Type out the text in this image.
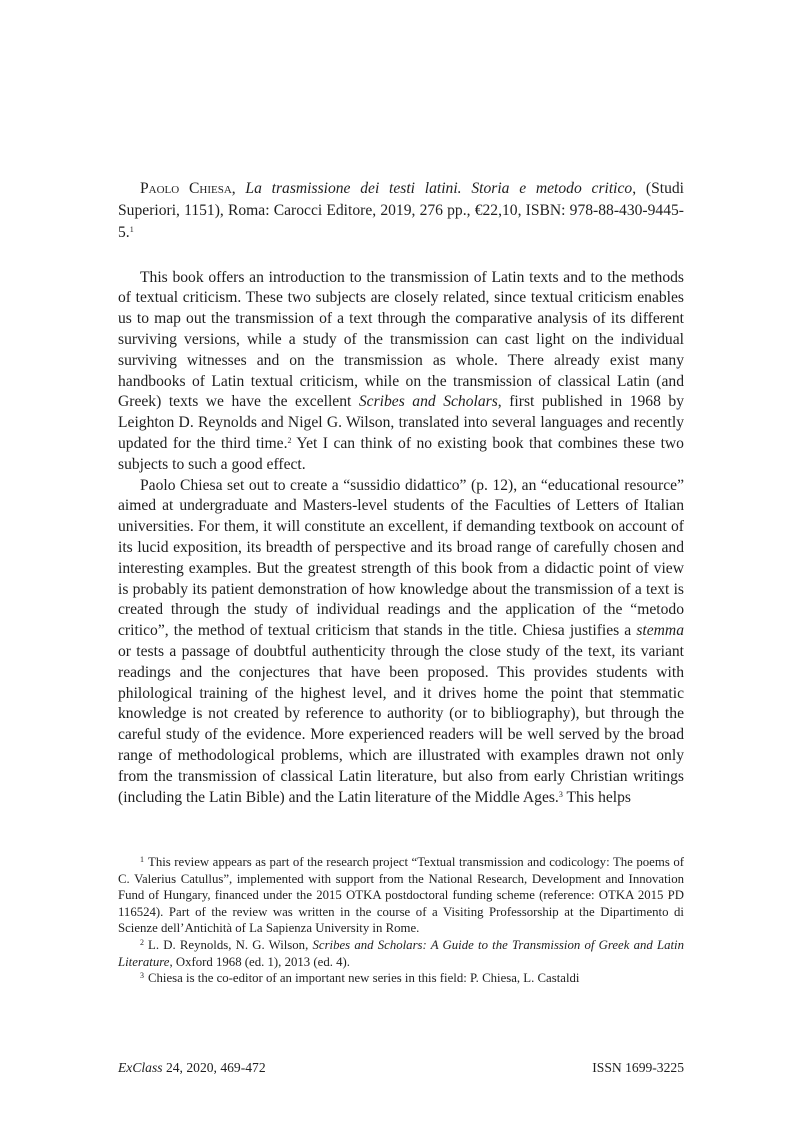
Paolo Chiesa, La trasmissione dei testi latini. Storia e metodo critico, (Studi Superiori, 1151), Roma: Carocci Editore, 2019, 276 pp., €22,10, ISBN: 978-88-430-9445-5.$^1$

This book offers an introduction to the transmission of Latin texts and to the methods of textual criticism. These two subjects are closely related, since textual criticism enables us to map out the transmission of a text through the comparative analysis of its different surviving versions, while a study of the transmission can cast light on the individual surviving witnesses and on the transmission as whole. There already exist many handbooks of Latin textual criticism, while on the transmission of classical Latin (and Greek) texts we have the excellent Scribes and Scholars, first published in 1968 by Leighton D. Reynolds and Nigel G. Wilson, translated into several languages and recently updated for the third time.$^2$ Yet I can think of no existing book that combines these two subjects to such a good effect.

Paolo Chiesa set out to create a “sussidio didattico” (p. 12), an “educational resource” aimed at undergraduate and Masters-level students of the Faculties of Letters of Italian universities. For them, it will constitute an excellent, if demanding textbook on account of its lucid exposition, its breadth of perspective and its broad range of carefully chosen and interesting examples. But the greatest strength of this book from a didactic point of view is probably its patient demonstration of how knowledge about the transmission of a text is created through the study of individual readings and the application of the “metodo critico”, the method of textual criticism that stands in the title. Chiesa justifies a stemma or tests a passage of doubtful authenticity through the close study of the text, its variant readings and the conjectures that have been proposed. This provides students with philological training of the highest level, and it drives home the point that stemmatic knowledge is not created by reference to authority (or to bibliography), but through the careful study of the evidence. More experienced readers will be well served by the broad range of methodological problems, which are illustrated with examples drawn not only from the transmission of classical Latin literature, but also from early Christian writings (including the Latin Bible) and the Latin literature of the Middle Ages.$^3$ This helps

$^1$ This review appears as part of the research project “Textual transmission and codicology: The poems of C. Valerius Catullus”, implemented with support from the National Research, Development and Innovation Fund of Hungary, financed under the 2015 OTKA postdoctoral funding scheme (reference: OTKA 2015 PD 116524). Part of the review was written in the course of a Visiting Professorship at the Dipartimento di Scienze dell’Antichità of La Sapienza University in Rome.

$^2$ L. D. Reynolds, N. G. Wilson, Scribes and Scholars: A Guide to the Transmission of Greek and Latin Literature, Oxford 1968 (ed. 1), 2013 (ed. 4).

$^3$ Chiesa is the co-editor of an important new series in this field: P. Chiesa, L. Castaldi

ExClass 24, 2020, 469-472	ISSN 1699-3225
